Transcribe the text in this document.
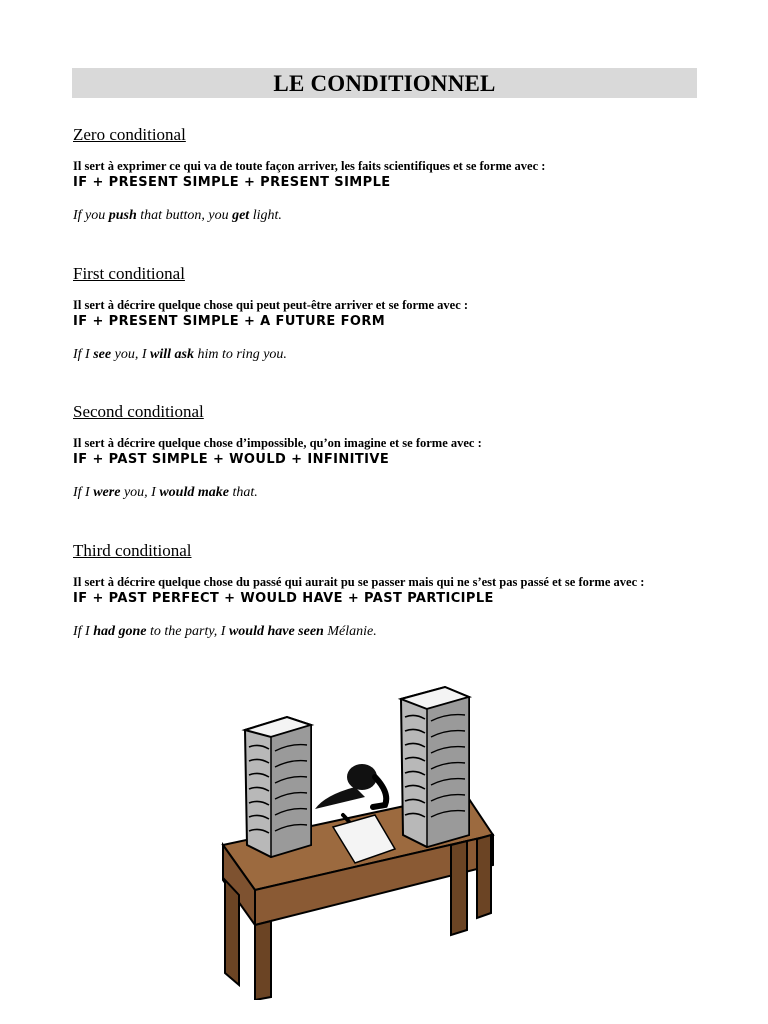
LE CONDITIONNEL
Zero conditional

Il sert à exprimer ce qui va de toute façon arriver, les faits scientifiques et se forme avec :

IF + PRESENT SIMPLE + PRESENT SIMPLE

If you push that button, you get light.

First conditional

Il sert à décrire quelque chose qui peut peut-être arriver et se forme avec :

IF + PRESENT SIMPLE + A FUTURE FORM

If I see you, I will ask him to ring you.

Second conditional

Il sert à décrire quelque chose d’impossible, qu’on imagine et se forme avec :

IF + PAST SIMPLE + WOULD + INFINITIVE

If I were you, I would make that.

Third conditional

Il sert à décrire quelque chose du passé qui aurait pu se passer mais qui ne s’est pas passé et se forme avec :

IF + PAST PERFECT + WOULD HAVE + PAST PARTICIPLE

If I had gone to the party, I would have seen Mélanie.
